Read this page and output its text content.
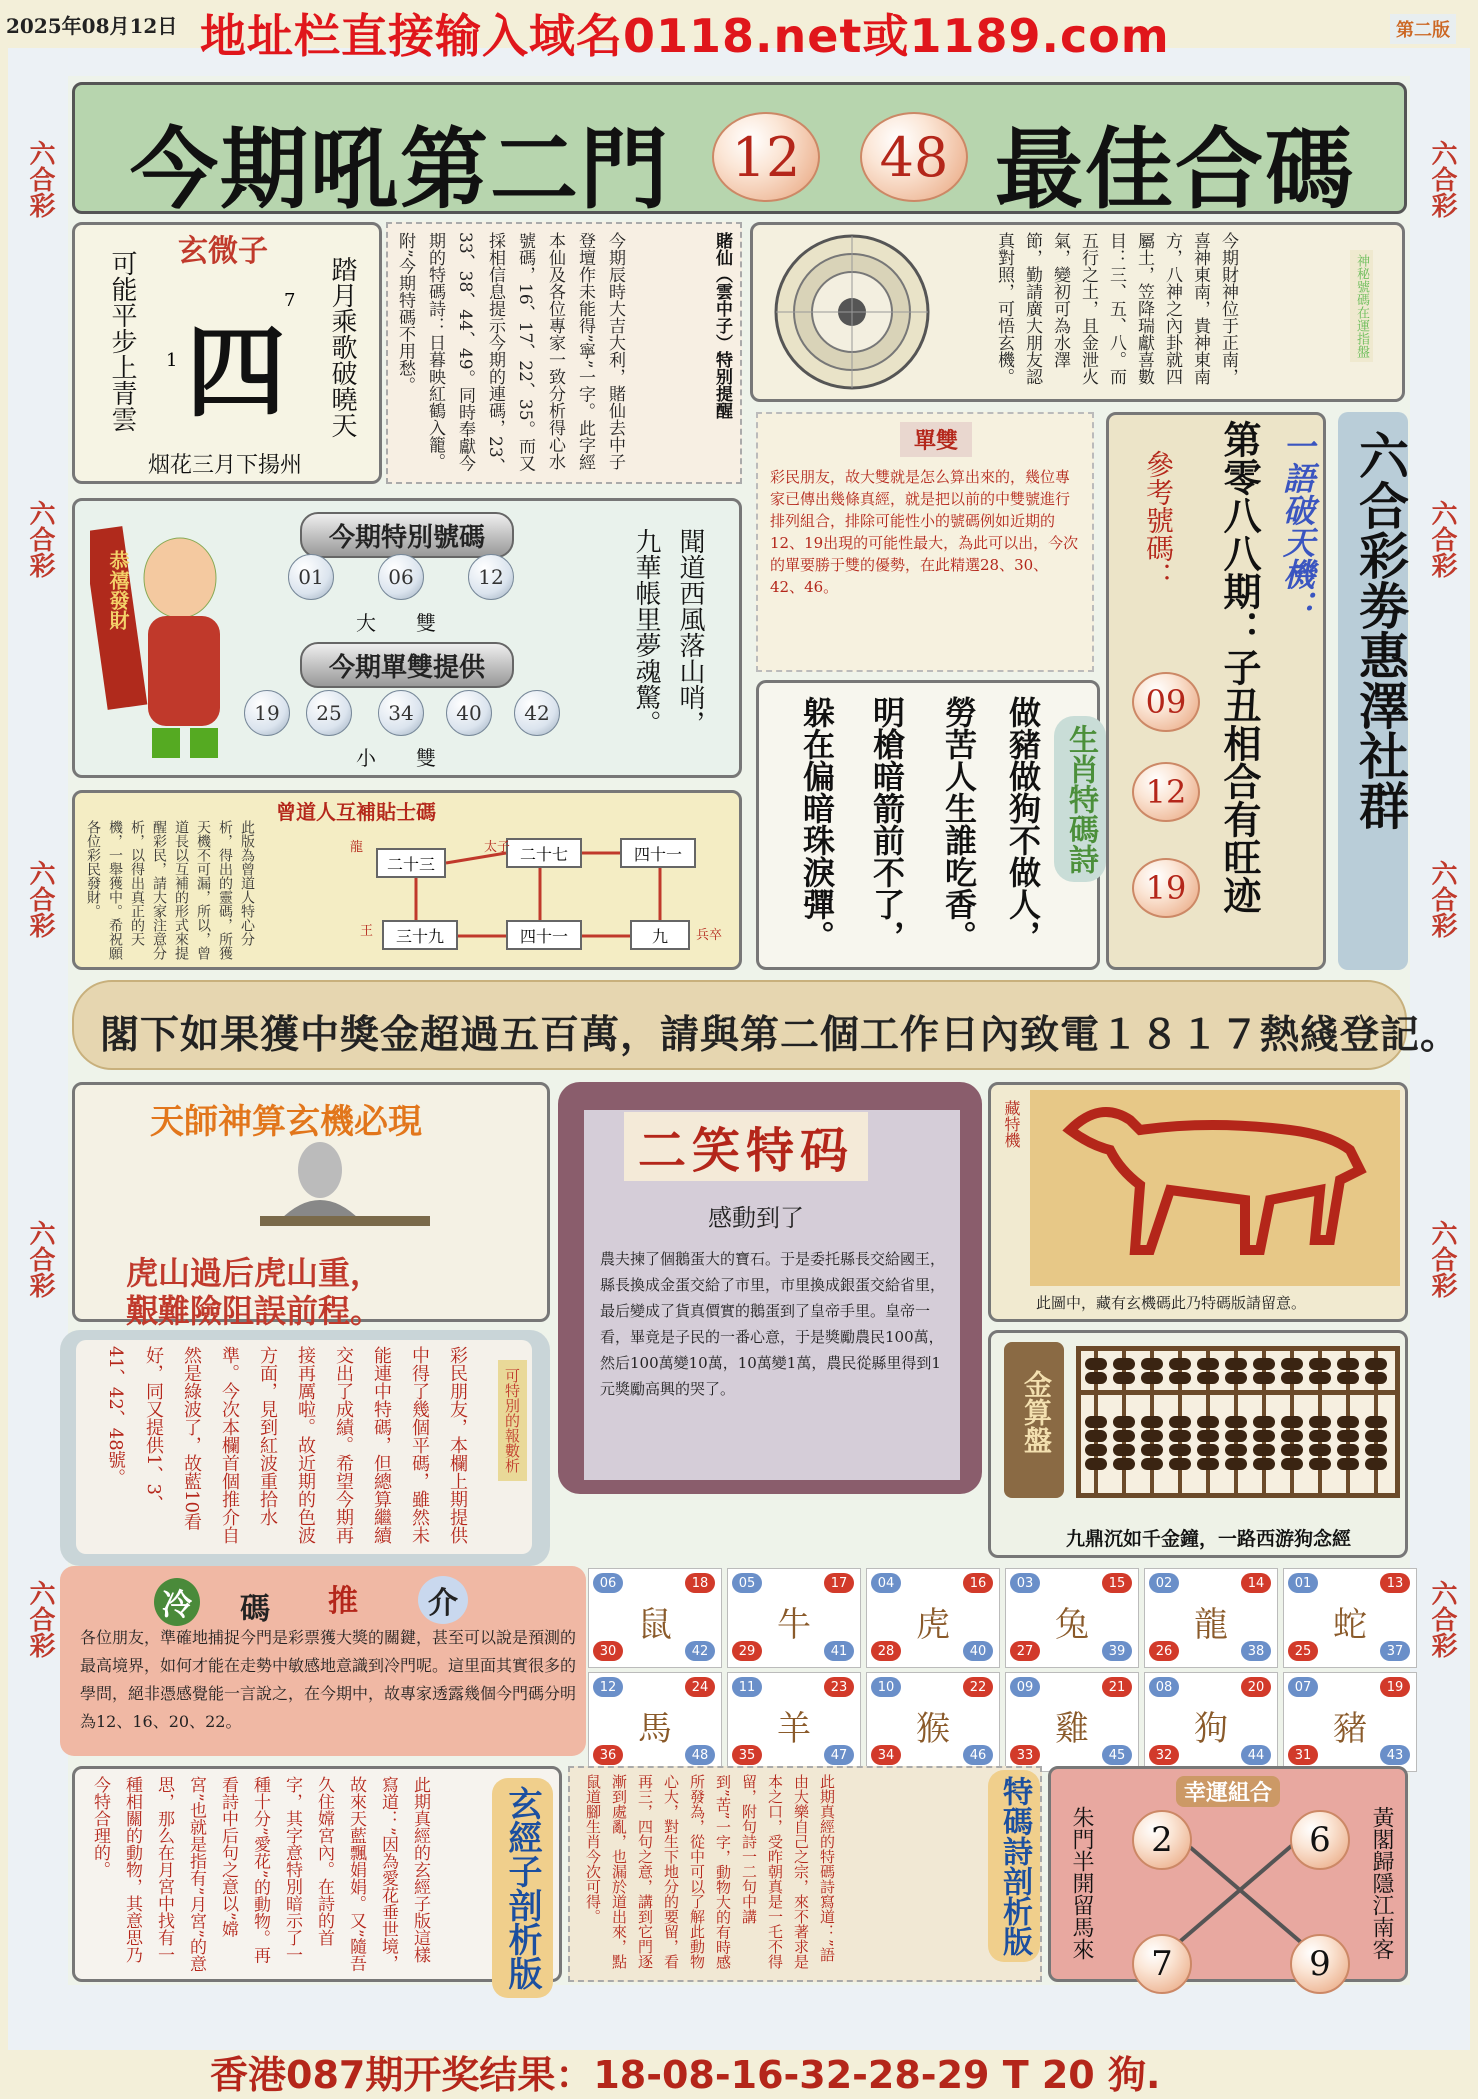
六合彩
六合彩
六合彩
六合彩
六合彩
六合彩
六合彩
六合彩
六合彩
六合彩
2025年08月12日 地址栏直接输入域名0118.net或1189.com	第二版
今期吼第二門 12 48 最佳合碼
玄微子
可能平步上青雲 1 四
7 踏月乘歌破曉天
烟花三月下揚州	今期辰時大吉大利，賭仙去中子登壇作未能得”寧”一字。此字經本仙及各位專家一致分析得心水號碼，16、17、22、35。而又採相信息提示今期的連碼，23、33、38、44、49。同時奉獻今期的特碼詩：日暮映紅鶴入籠。附”今期特碼不用愁。	賭仙（雲中子）特别提醒	今期財神位于正南，喜神東南，貴神東南方，八神之內卦就四屬土，笠降瑞獻喜數目：三、五、八。而五行之土，且金泄火氣，變初可為水澤節，勤請廣大朋友認真對照，可悟玄機。	神秘號碼在運指盤
恭禧發財
今期特別號碼
01	06	12
大　　雙
今期單雙提供
19	25	34	40	42
小　　雙
聞道西風落山哨，
九華帳里夢魂驚。
單雙
彩民朋友，故大雙就是怎么算出來的，幾位專家已傳出幾條真經，就是把以前的中雙號進行排列組合，排除可能性小的號碼例如近期的12、19出現的可能性最大，為此可以出，今次的單要勝于雙的優勢，在此精選28、30、42、46。
做豬做狗不做人，
勞苦人生誰吃香。
明槍暗箭前不了，
躲在偏暗珠淚彈。	生肖特碼詩
參考號碼：
09
12
19 第零八八期：子丑相合有旺迹 一語破天機： 六合彩劵惠澤社群
曾道人互補貼士碼
此版為曾道人特心分析，得出的靈碼，所獲天機不可漏，所以，曾道長以互補的形式來提醒彩民，請大家注意分析，以得出真正的天機，一舉獲中。希祝願各位彩民發財。	二十三
二十七	四十一
三十九	四十一	九
龍	太子
王	兵卒
閣下如果獲中獎金超過五百萬，請與第二個工作日內致電１８１７熱綫登記。
天師神算玄機必現
虎山過后虎山重，
艱難險阻誤前程。
二笑特码
感動到了
農夫揀了個鵝蛋大的寶石。于是委托縣長交給國王，縣長換成金蛋交給了市里，市里換成銀蛋交給省里，最后變成了貨真價實的鵝蛋到了皇帝手里。皇帝一看，畢竟是子民的一番心意，于是獎勵農民100萬，然后100萬變10萬，10萬變1萬，農民從縣里得到1元獎勵高興的哭了。
藏特機
此圖中，藏有玄機碼此乃特碼版請留意。
金算盤
九鼎沉如千金鐘，一路西游狗念經
彩民朋友，本欄上期提供中得了幾個平碼，雖然未能連中特碼，但總算繼續交出了成績。希望今期再接再厲啦。故近期的色波方面，見到紅波重拾水準。今次本欄首個推介自然是綠波了，故藍10看好，同又提供1、3、41、42、48號。	可特別的報數析
冷 碼 推	介
各位朋友，準確地捕捉今門是彩票獲大獎的關鍵，甚至可以說是預測的最高境界，如何才能在走勢中敏感地意識到冷門呢。這里面其實很多的學問，絕非憑感覺能一言說之，在今期中，故專家透露幾個今門碼分明為12、16、20、22。
06	18
30	42
鼠
05	17
29	41
牛
04	16
28	40
虎
03	15
27	39
兔
02	14
26	38
龍
01	13
25	37
蛇
12	24
36	48
馬
11	23
35	47
羊
10	22
34	46
猴
09	21
33	45
雞
08	20
32	44
狗
07	19
31	43
豬
此期真經的玄經子版這樣寫道：”因為愛花垂世境，故來天藍飄娟娟。又”隨吾久住嫦宮內。在詩的首字，其字意特別暗示了一種十分”愛花”的動物。再看詩中后句之意以”嫦宮”也就是指有”月宮”的意思，那么在月宮中找有一種相關的動物，其意思乃今特合理的。	玄經子剖析版	此期真經的特碼詩寫道：”語由大樂自己之宗，來不著求是本之口，受昨朝真是一乇不得留，附句詩一二句中講到”苦”一字，動物大的有時感所發為，從中可以了解此動物心大，對生下地分的要留，看再三，四句之意，講到它門逐漸到處亂，也漏於道出來，點鼠道腳生肖今次可得。	特碼詩剖析版	幸運組合
朱門半開留馬來	黃閣歸隱江南客
2	6
7	9
香港087期开奖结果：18-08-16-32-28-29 T 20 狗.
